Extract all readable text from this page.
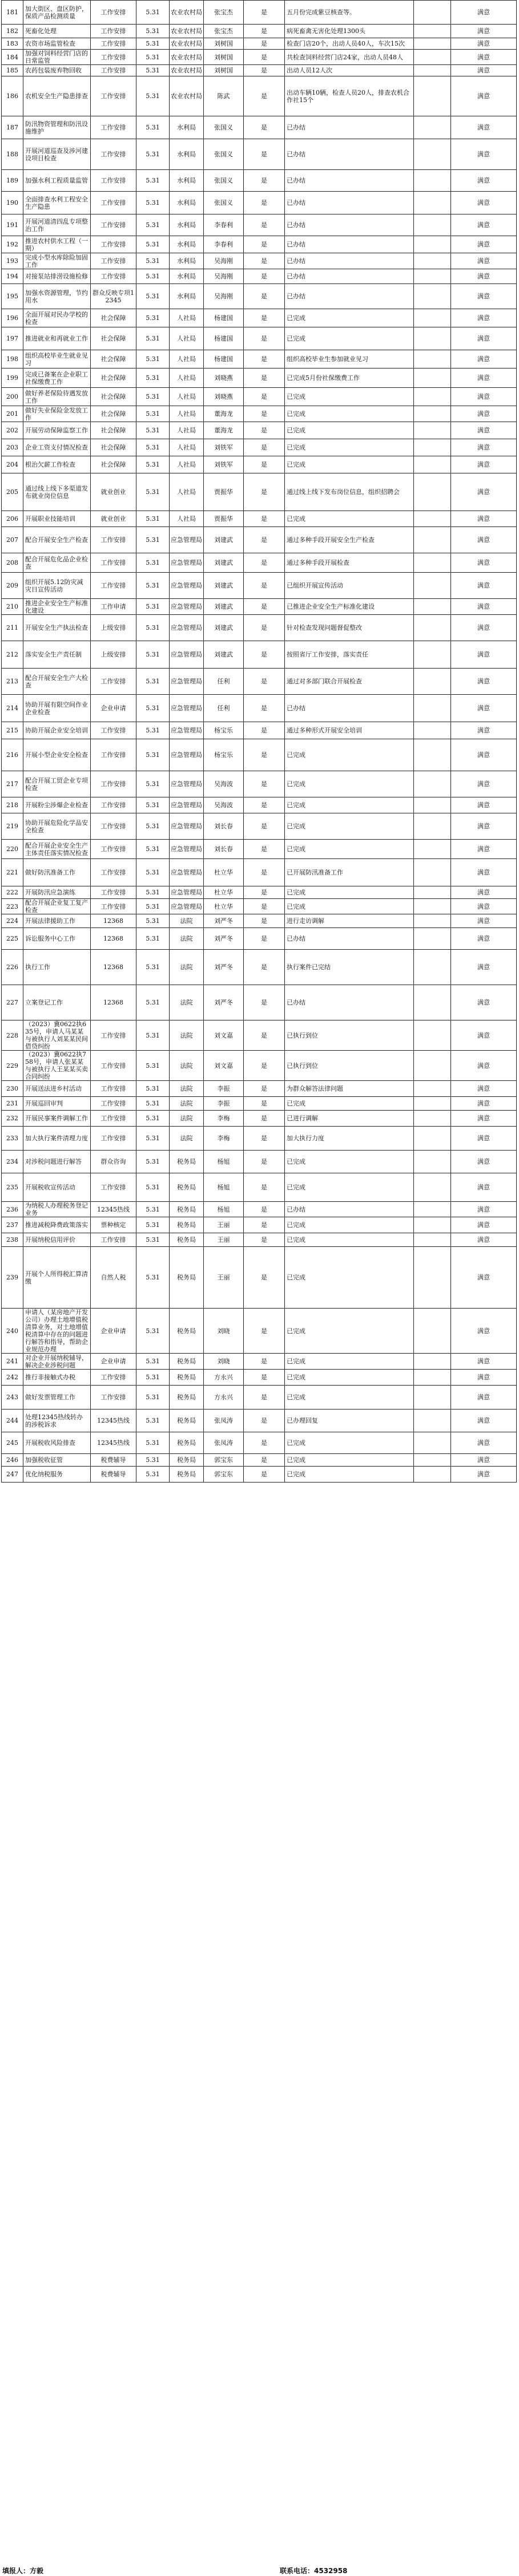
181	加大街区、盘区防护，保质产品检测质量	工作安排	5.31	农业农村局	张宝杰	是	五月份完成紫豆核查等。		满意
182	死畜化处理	工作安排	5.31	农业农村局	张宝杰	是	病死畜禽无害化处理1300头		满意
183	农资市场监管检查	工作安排	5.31	农业农村局	刘树国	是	检查门店20个，出动人员40人，车次15次		满意
184	加强对饲料经营门店的日常监管	工作安排	5.31	农业农村局	刘树国	是	共检查饲料经营门店24家，出动人员48人		满意
185	农药包装废弃物回收	工作安排	5.31	农业农村局	刘树国	是	出动人员12人次		满意
186	农机安全生产隐患排查	工作安排	5.31	农业农村局	陈武	是	出动车辆10辆，检查人员20人，排查农机合作社15个		满意
187	防汛物资管理和防汛设施维护	工作安排	5.31	水利局	张国义	是	已办结		满意
188	开展河道巡查及涉河建设项目检查	工作安排	5.31	水利局	张国义	是	已办结		满意
189	加强水利工程质量监管	工作安排	5.31	水利局	张国义	是	已办结		满意
190	全面排查水利工程安全生产隐患	工作安排	5.31	水利局	张国义	是	已办结		满意
191	开展河道清四乱专项整治工作	工作安排	5.31	水利局	李春利	是	已办结		满意
192	推进农村供水工程（一期）	工作安排	5.31	水利局	李春利	是	已办结		满意
193	完成小型水库除险加固工作	工作安排	5.31	水利局	吴海刚	是	已办结		满意
194	对接泵站排涝设施检修	工作安排	5.31	水利局	吴海刚	是	已办结		满意
195	加强水资源管理，节约用水	群众反映专项12345	5.31	水利局	吴海刚	是	已办结		满意
196	全面开展对民办学校的检查	社会保障	5.31	人社局	杨建国	是	已完成		满意
197	推进就业和再就业工作	社会保障	5.31	人社局	杨建国	是	已完成		满意
198	组织高校毕业生就业见习	社会保障	5.31	人社局	杨建国	是	组织高校毕业生参加就业见习		满意
199	完成已备案在企业职工社保缴费工作	社会保障	5.31	人社局	刘晓燕	是	已完成5月份社保缴费工作		满意
200	做好养老保险待遇发放工作	社会保障	5.31	人社局	刘晓燕	是	已完成		满意
201	做好失业保险金发放工作	社会保障	5.31	人社局	董海龙	是	已完成		满意
202	开展劳动保障监察工作	社会保障	5.31	人社局	董海龙	是	已完成		满意
203	企业工资支付情况检查	社会保障	5.31	人社局	刘铁军	是	已完成		满意
204	根治欠薪工作检查	社会保障	5.31	人社局	刘铁军	是	已完成		满意
205	通过线上线下多渠道发布就业岗位信息	就业创业	5.31	人社局	贾振华	是	通过线上线下发布岗位信息，组织招聘会		满意
206	开展职业技能培训	就业创业	5.31	人社局	贾振华	是	已完成		满意
207	配合开展安全生产检查	工作安排	5.31	应急管理局	刘建武	是	通过多种手段开展安全生产检查		满意
208	配合开展危化品企业检查	工作安排	5.31	应急管理局	刘建武	是	通过多种手段开展检查		满意
209	组织开展5.12防灾减灾日宣传活动	工作安排	5.31	应急管理局	刘建武	是	已组织开展宣传活动		满意
210	推进企业安全生产标准化建设	工作申请	5.31	应急管理局	刘建武	是	已推进企业安全生产标准化建设		满意
211	开展安全生产执法检查	上级安排	5.31	应急管理局	刘建武	是	针对检查发现问题督促整改		满意
212	落实安全生产责任制	上级安排	5.31	应急管理局	刘建武	是	按照省厅工作安排，落实责任		满意
213	配合开展安全生产大检查	工作安排	5.31	应急管理局	任利	是	通过对多部门联合开展检查		满意
214	协助开展有限空间作业企业检查	企业申请	5.31	应急管理局	任利	是	已办结		满意
215	协助开展企业安全培训	工作安排	5.31	应急管理局	杨宝乐	是	通过多种形式开展安全培训		满意
216	开展小型企业安全检查	工作安排	5.31	应急管理局	杨宝乐	是	已完成		满意
217	配合开展工贸企业专项检查	工作安排	5.31	应急管理局	吴海波	是	已完成		满意
218	开展粉尘涉爆企业检查	工作安排	5.31	应急管理局	吴海波	是	已完成		满意
219	协助开展危险化学品安全检查	工作安排	5.31	应急管理局	刘长春	是	已完成		满意
220	配合开展企业安全生产主体责任落实情况检查	工作安排	5.31	应急管理局	刘长春	是	已完成		满意
221	做好防汛准备工作	工作安排	5.31	应急管理局	杜立华	是	已开展防汛准备工作		满意
222	开展防汛应急演练	工作安排	5.31	应急管理局	杜立华	是	已完成		满意
223	配合开展企业复工复产检查	工作安排	5.31	应急管理局	杜立华	是	已完成		满意
224	开展法律援助工作	12368	5.31	法院	刘严冬	是	进行走访调解		满意
225	诉讼服务中心工作	12368	5.31	法院	刘严冬	是	已办结		满意
226	执行工作	12368	5.31	法院	刘严冬	是	执行案件已完结		满意
227	立案登记工作	12368	5.31	法院	刘严冬	是	已办结		满意
228	（2023）冀0622执635号，申请人马某某与被执行人刘某某民间借贷纠纷	工作安排	5.31	法院	刘文嘉	是	已执行到位		满意
229	（2023）冀0622执758号，申请人张某某与被执行人王某某买卖合同纠纷	工作安排	5.31	法院	刘文嘉	是	已执行到位		满意
230	开展送法进乡村活动	工作安排	5.31	法院	李振	是	为群众解答法律问题		满意
231	开展巡回审判	工作安排	5.31	法院	李振	是	已完成		满意
232	开展民事案件调解工作	工作安排	5.31	法院	李梅	是	已进行调解		满意
233	加大执行案件清理力度	工作安排	5.31	法院	李梅	是	加大执行力度		满意
234	对涉税问题进行解答	群众咨询	5.31	税务局	杨旭	是	已完成		满意
235	开展税收宣传活动	工作安排	5.31	税务局	杨旭	是	已完成		满意
236	为纳税人办理税务登记业务	12345热线	5.31	税务局	杨旭	是	已办结		满意
237	推进减税降费政策落实	票种核定	5.31	税务局	王丽	是	已完成		满意
238	开展纳税信用评价	工作安排	5.31	税务局	王丽	是	已完成		满意
239	开展个人所得税汇算清缴	自然人税	5.31	税务局	王丽	是	已完成		满意
240	申请人（某房地产开发公司）办理土地增值税清算业务，对土地增值税清算中存在的问题进行解答和指导，帮助企业规范办理	企业申请	5.31	税务局	刘晓	是	已完成		满意
241	对企业开展纳税辅导，解决企业涉税问题	企业申请	5.31	税务局	刘晓	是	已完成		满意
242	推行非接触式办税	工作安排	5.31	税务局	方永兴	是	已完成		满意
243	做好发票管理工作	工作安排	5.31	税务局	方永兴	是	已完成		满意
244	处理12345热线转办的涉税诉求	12345热线	5.31	税务局	张凤涛	是	已办理回复		满意
245	开展税收风险排查	12345热线	5.31	税务局	张凤涛	是	已完成		满意
246	加强税收征管	税费辅导	5.31	税务局	郭宝东	是	已完成		满意
247	优化纳税服务	税费辅导	5.31	税务局	郭宝东	是	已完成		满意
填报人：方毅	联系电话：4532958
